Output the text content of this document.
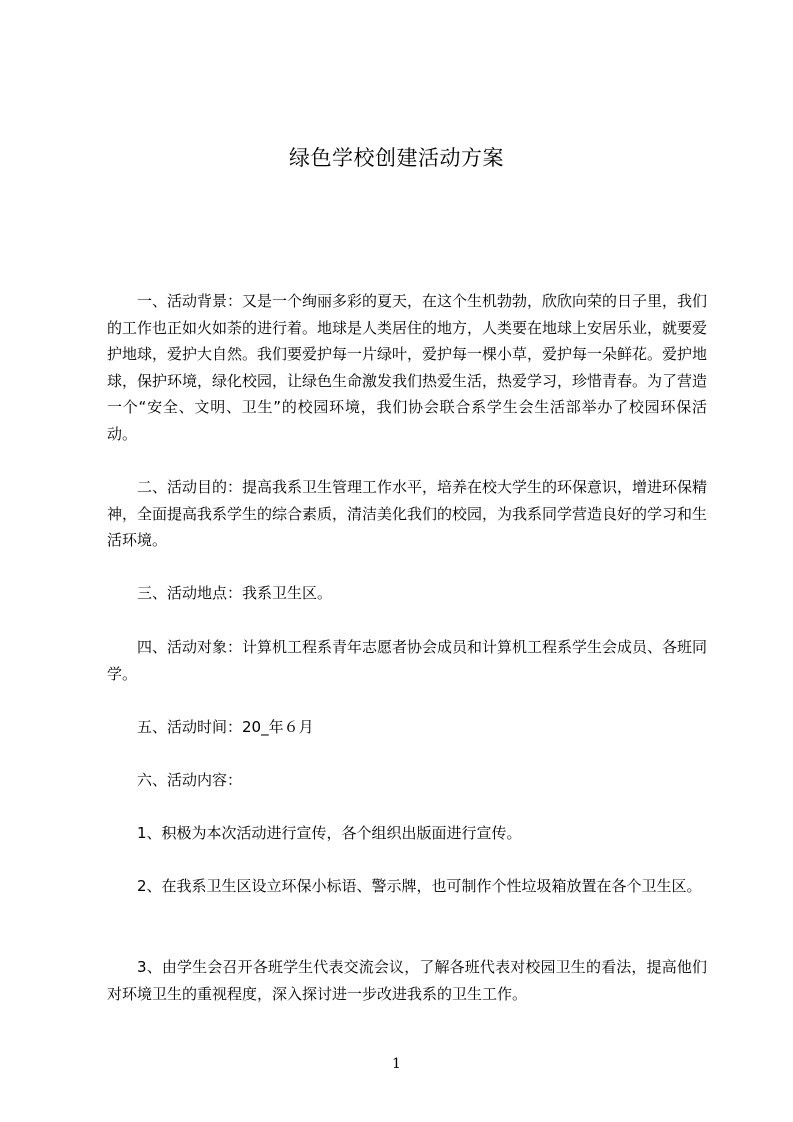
绿色学校创建活动方案

一、活动背景：又是一个绚丽多彩的夏天，在这个生机勃勃，欣欣向荣的日子里，我们的工作也正如火如荼的进行着。地球是人类居住的地方，人类要在地球上安居乐业，就要爱护地球，爱护大自然。我们要爱护每一片绿叶，爱护每一棵小草，爱护每一朵鲜花。爱护地球，保护环境，绿化校园，让绿色生命激发我们热爱生活，热爱学习，珍惜青春。为了营造一个“安全、文明、卫生”的校园环境，我们协会联合系学生会生活部举办了校园环保活动。

二、活动目的：提高我系卫生管理工作水平，培养在校大学生的环保意识，增进环保精神，全面提高我系学生的综合素质，清洁美化我们的校园，为我系同学营造良好的学习和生活环境。

三、活动地点：我系卫生区。

四、活动对象：计算机工程系青年志愿者协会成员和计算机工程系学生会成员、各班同学。

五、活动时间：20_年６月

六、活动内容：

1、积极为本次活动进行宣传，各个组织出版面进行宣传。

2、在我系卫生区设立环保小标语、警示牌，也可制作个性垃圾箱放置在各个卫生区。

3、由学生会召开各班学生代表交流会议，了解各班代表对校园卫生的看法，提高他们对环境卫生的重视程度，深入探讨进一步改进我系的卫生工作。

1
